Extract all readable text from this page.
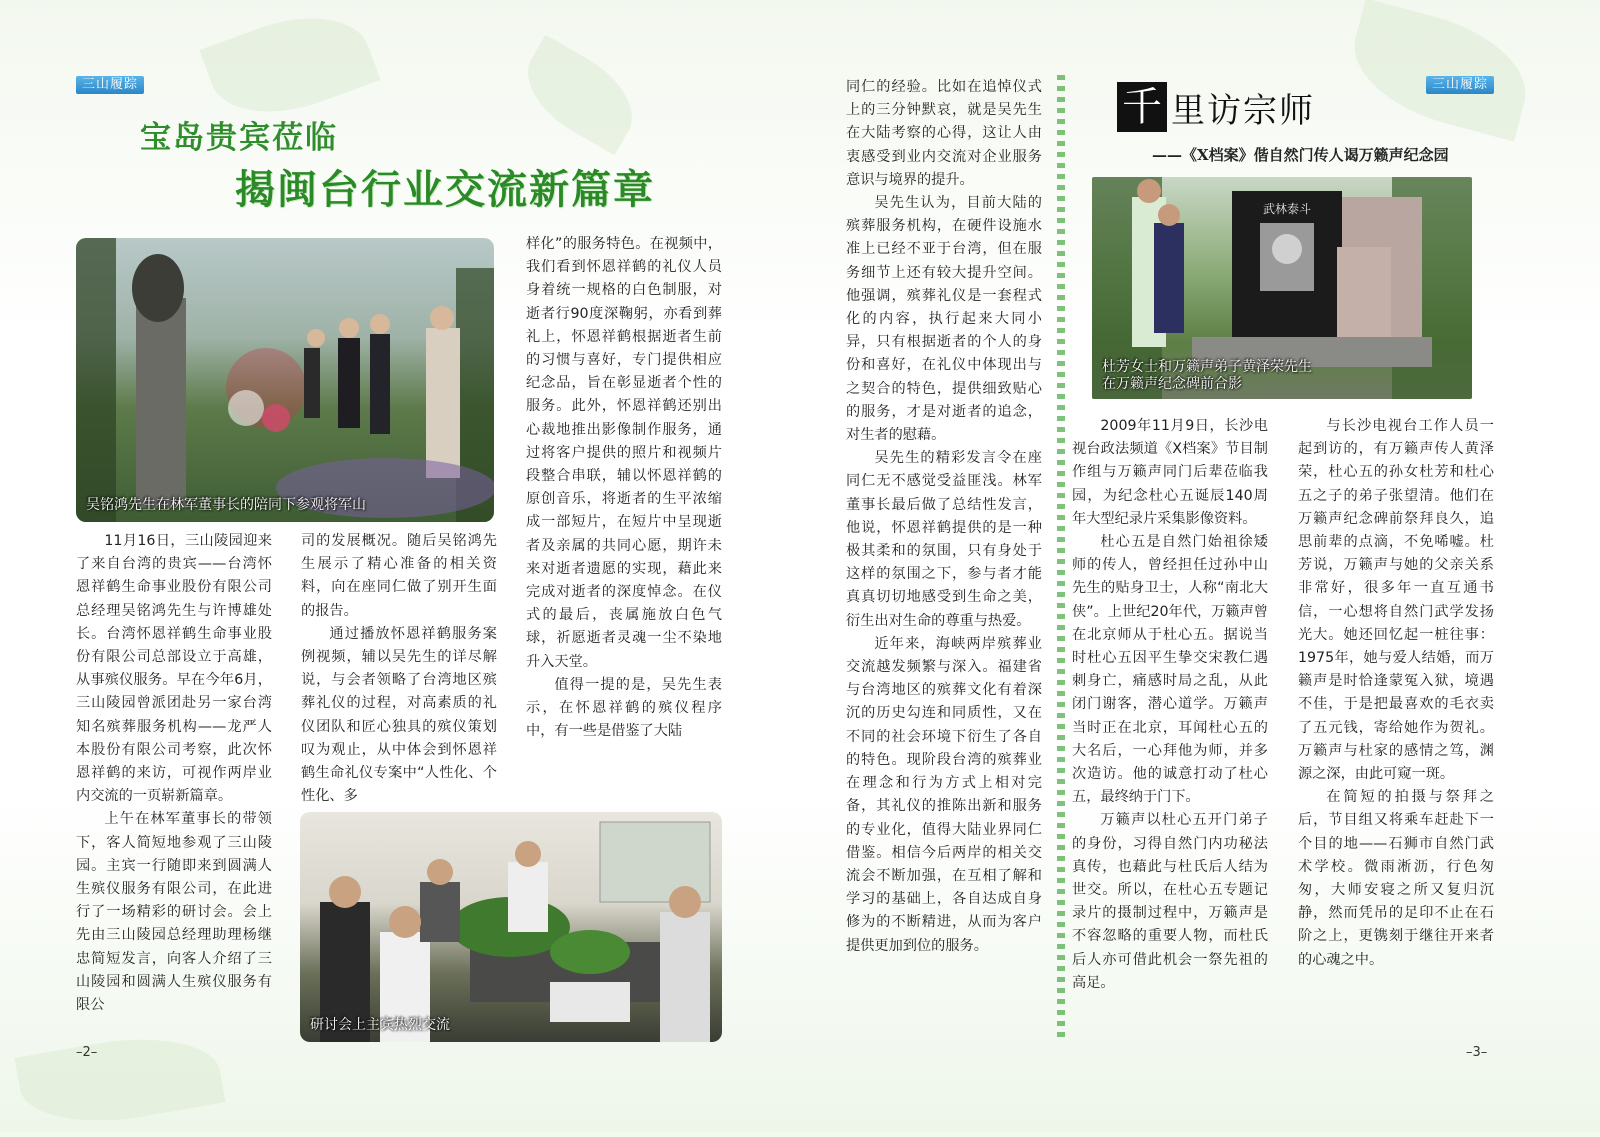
三山履踪
宝岛贵宾莅临
揭闽台行业交流新篇章
吴铭鸿先生在林军董事长的陪同下参观将军山

11月16日，三山陵园迎来了来自台湾的贵宾——台湾怀恩祥鹤生命事业股份有限公司总经理吴铭鸿先生与许博雄处长。台湾怀恩祥鹤生命事业股份有限公司总部设立于高雄，从事殡仪服务。早在今年6月，三山陵园曾派团赴另一家台湾知名殡葬服务机构——龙严人本股份有限公司考察，此次怀恩祥鹤的来访，可视作两岸业内交流的一页崭新篇章。

上午在林军董事长的带领下，客人简短地参观了三山陵园。主宾一行随即来到圆满人生殡仪服务有限公司，在此进行了一场精彩的研讨会。会上先由三山陵园总经理助理杨继忠简短发言，向客人介绍了三山陵园和圆满人生殡仪服务有限公

司的发展概况。随后吴铭鸿先生展示了精心准备的相关资料，向在座同仁做了别开生面的报告。

通过播放怀恩祥鹤服务案例视频，辅以吴先生的详尽解说，与会者领略了台湾地区殡葬礼仪的过程，对高素质的礼仪团队和匠心独具的殡仪策划叹为观止，从中体会到怀恩祥鹤生命礼仪专案中“人性化、个性化、多

样化”的服务特色。在视频中，我们看到怀恩祥鹤的礼仪人员身着统一规格的白色制服，对逝者行90度深鞠躬，亦看到葬礼上，怀恩祥鹤根据逝者生前的习惯与喜好，专门提供相应纪念品，旨在彰显逝者个性的服务。此外，怀恩祥鹤还别出心裁地推出影像制作服务，通过将客户提供的照片和视频片段整合串联，辅以怀恩祥鹤的原创音乐，将逝者的生平浓缩成一部短片，在短片中呈现逝者及亲属的共同心愿，期许未来对逝者遗愿的实现，藉此来完成对逝者的深度悼念。在仪式的最后，丧属施放白色气球，祈愿逝者灵魂一尘不染地升入天堂。

值得一提的是，吴先生表示，在怀恩祥鹤的殡仪程序中，有一些是借鉴了大陆

研讨会上主宾热烈交流

同仁的经验。比如在追悼仪式上的三分钟默哀，就是吴先生在大陆考察的心得，这让人由衷感受到业内交流对企业服务意识与境界的提升。

吴先生认为，目前大陆的殡葬服务机构，在硬件设施水准上已经不亚于台湾，但在服务细节上还有较大提升空间。他强调，殡葬礼仪是一套程式化的内容，执行起来大同小异，只有根据逝者的个人的身份和喜好，在礼仪中体现出与之契合的特色，提供细致贴心的服务，才是对逝者的追念，对生者的慰藉。

吴先生的精彩发言令在座同仁无不感觉受益匪浅。林军董事长最后做了总结性发言，他说，怀恩祥鹤提供的是一种极其柔和的氛围，只有身处于这样的氛围之下，参与者才能真真切切地感受到生命之美，衍生出对生命的尊重与热爱。

近年来，海峡两岸殡葬业交流越发频繁与深入。福建省与台湾地区的殡葬文化有着深沉的历史勾连和同质性，又在不同的社会环境下衍生了各自的特色。现阶段台湾的殡葬业在理念和行为方式上相对完备，其礼仪的推陈出新和服务的专业化，值得大陆业界同仁借鉴。相信今后两岸的相关交流会不断加强，在互相了解和学习的基础上，各自达成自身修为的不断精进，从而为客户提供更加到位的服务。

–2–
三山履踪
千 里访宗师
——《X档案》偕自然门传人谒万籁声纪念园
武林泰斗
杜芳女士和万籁声弟子黄泽荣先生
在万籁声纪念碑前合影

2009年11月9日，长沙电视台政法频道《X档案》节目制作组与万籁声同门后辈莅临我园，为纪念杜心五诞辰140周年大型纪录片采集影像资料。

杜心五是自然门始祖徐矮师的传人，曾经担任过孙中山先生的贴身卫士，人称“南北大侠”。上世纪20年代，万籁声曾在北京师从于杜心五。据说当时杜心五因平生挚交宋教仁遇刺身亡，痛感时局之乱，从此闭门谢客，潜心道学。万籁声当时正在北京，耳闻杜心五的大名后，一心拜他为师，并多次造访。他的诚意打动了杜心五，最终纳于门下。

万籁声以杜心五开门弟子的身份，习得自然门内功秘法真传，也藉此与杜氏后人结为世交。所以，在杜心五专题记录片的摄制过程中，万籁声是不容忽略的重要人物，而杜氏后人亦可借此机会一祭先祖的高足。

与长沙电视台工作人员一起到访的，有万籁声传人黄泽荣，杜心五的孙女杜芳和杜心五之子的弟子张望清。他们在万籁声纪念碑前祭拜良久，追思前辈的点滴，不免唏嘘。杜芳说，万籁声与她的父亲关系非常好，很多年一直互通书信，一心想将自然门武学发扬光大。她还回忆起一桩往事：1975年，她与爱人结婚，而万籁声是时恰逢蒙冤入狱，境遇不佳，于是把最喜欢的毛衣卖了五元钱，寄给她作为贺礼。万籁声与杜家的感情之笃，渊源之深，由此可窥一斑。

在简短的拍摄与祭拜之后，节目组又将乘车赶赴下一个目的地——石狮市自然门武术学校。微雨淅沥，行色匆匆，大师安寝之所又复归沉静，然而凭吊的足印不止在石阶之上，更镌刻于继往开来者的心魂之中。

–3–
